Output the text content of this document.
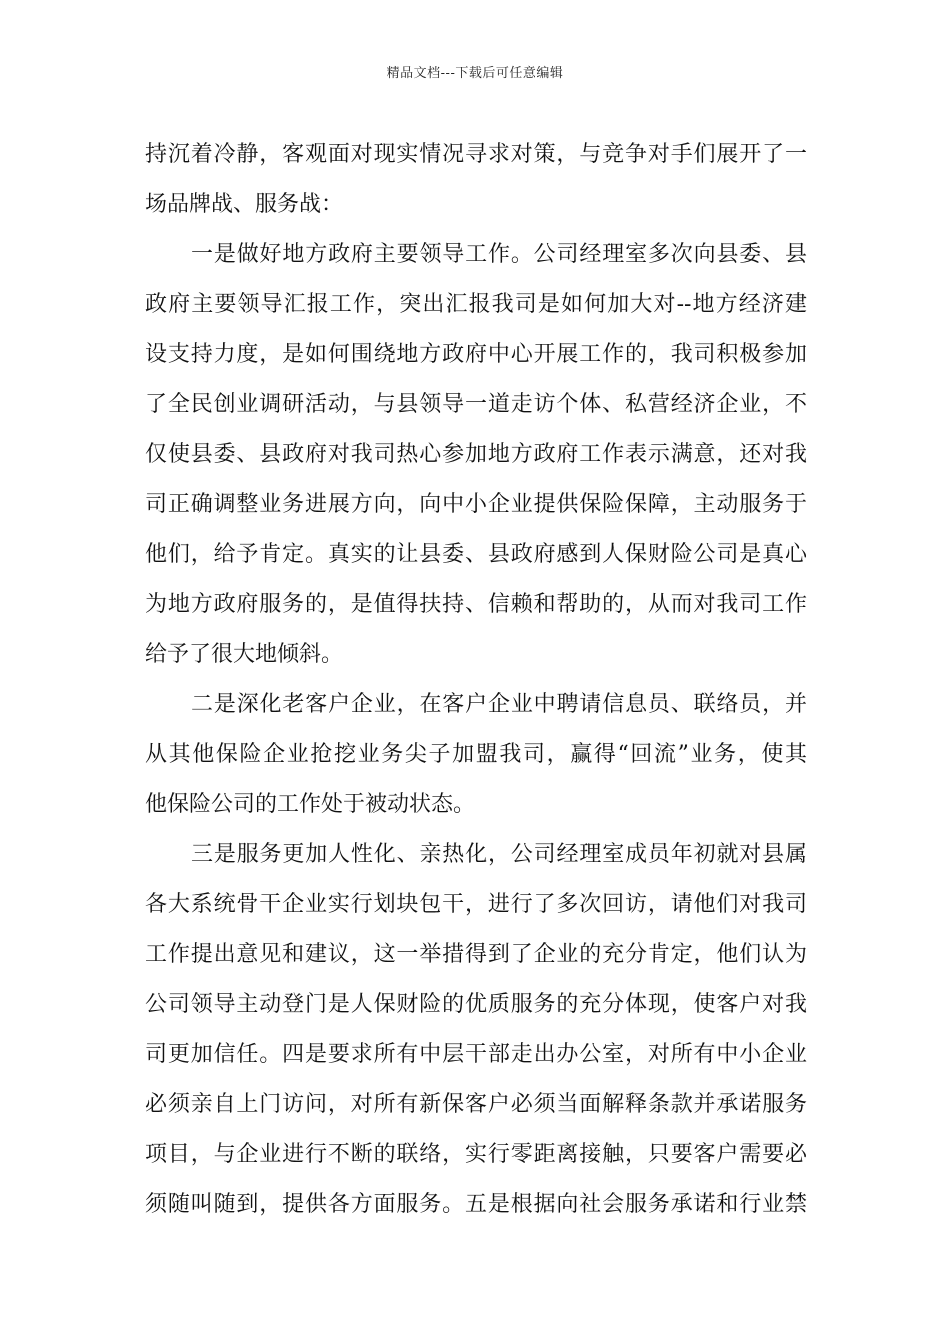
精品文档---下载后可任意编辑
持沉着冷静，客观面对现实情况寻求对策，与竞争对手们展开了一
场品牌战、服务战：
一是做好地方政府主要领导工作。公司经理室多次向县委、县
政府主要领导汇报工作，突出汇报我司是如何加大对--地方经济建
设支持力度，是如何围绕地方政府中心开展工作的，我司积极参加
了全民创业调研活动，与县领导一道走访个体、私营经济企业，不
仅使县委、县政府对我司热心参加地方政府工作表示满意，还对我
司正确调整业务进展方向，向中小企业提供保险保障，主动服务于
他们，给予肯定。真实的让县委、县政府感到人保财险公司是真心
为地方政府服务的，是值得扶持、信赖和帮助的，从而对我司工作
给予了很大地倾斜。
二是深化老客户企业，在客户企业中聘请信息员、联络员，并
从其他保险企业抢挖业务尖子加盟我司，赢得“回流”业务，使其
他保险公司的工作处于被动状态。
三是服务更加人性化、亲热化，公司经理室成员年初就对县属
各大系统骨干企业实行划块包干，进行了多次回访，请他们对我司
工作提出意见和建议，这一举措得到了企业的充分肯定，他们认为
公司领导主动登门是人保财险的优质服务的充分体现，使客户对我
司更加信任。四是要求所有中层干部走出办公室，对所有中小企业
必须亲自上门访问，对所有新保客户必须当面解释条款并承诺服务
项目，与企业进行不断的联络，实行零距离接触，只要客户需要必
须随叫随到，提供各方面服务。五是根据向社会服务承诺和行业禁
